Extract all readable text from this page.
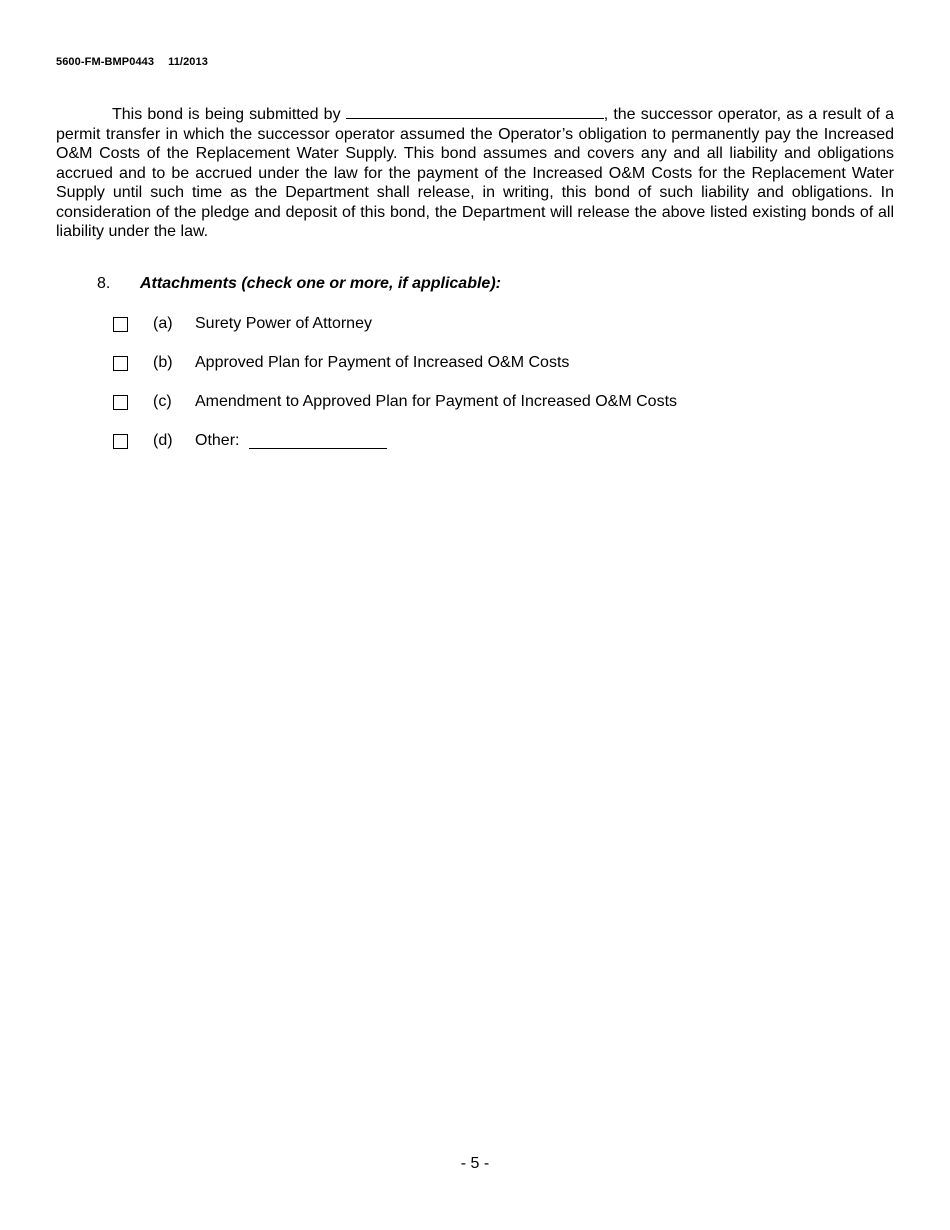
5600-FM-BMP0443 11/2013

This bond is being submitted by	, the successor operator, as a result of a permit transfer in which the successor operator assumed the Operator’s obligation to permanently pay the Increased O&M Costs of the Replacement Water Supply. This bond assumes and covers any and all liability and obligations accrued and to be accrued under the law for the payment of the Increased O&M Costs for the Replacement Water Supply until such time as the Department shall release, in writing, this bond of such liability and obligations. In consideration of the pledge and deposit of this bond, the Department will release the above listed existing bonds of all liability under the law.

8. Attachments (check one or more, if applicable):
(a)	Surety Power of Attorney
(b)	Approved Plan for Payment of Increased O&M Costs
(c)	Amendment to Approved Plan for Payment of Increased O&M Costs
(d)	Other:
- 5 -
